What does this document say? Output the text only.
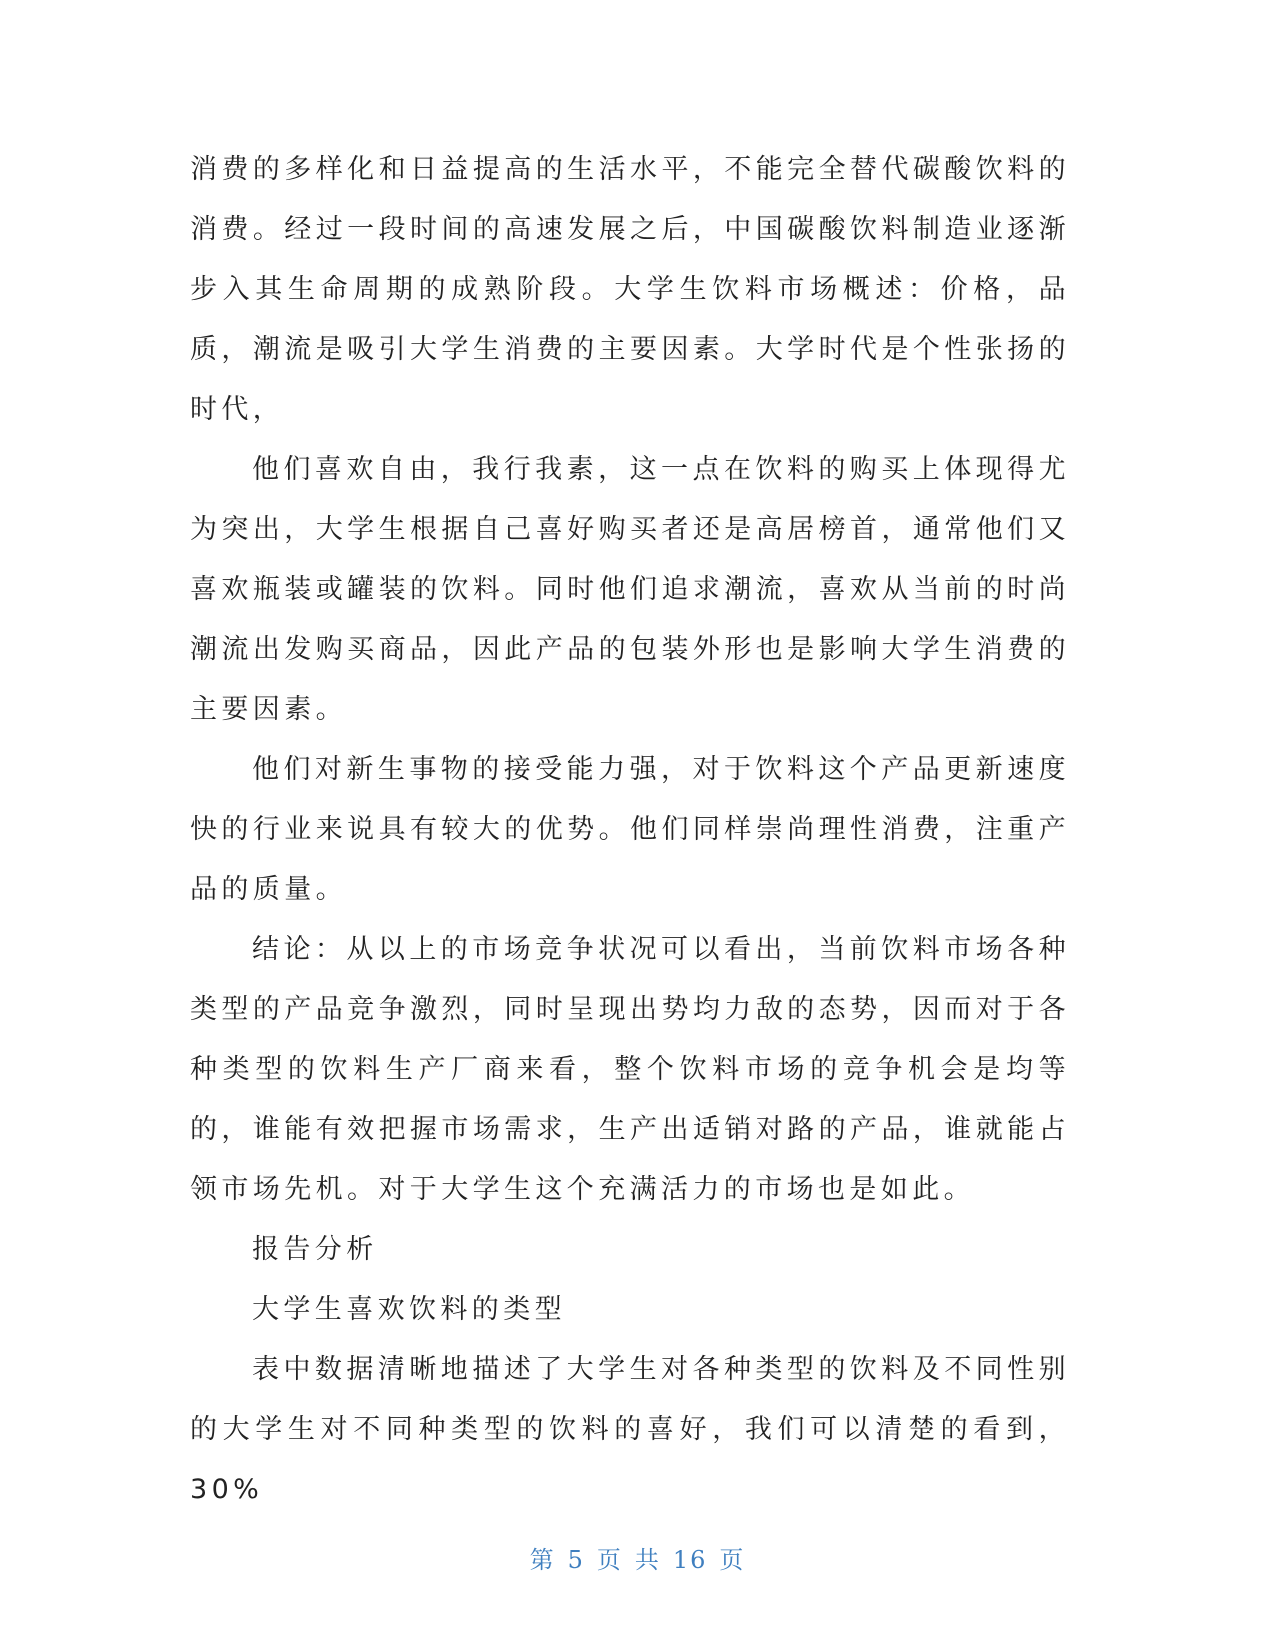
消费的多样化和日益提高的生活水平，不能完全替代碳酸饮料的消费。经过一段时间的高速发展之后，中国碳酸饮料制造业逐渐步入其生命周期的成熟阶段。大学生饮料市场概述：价格，品质，潮流是吸引大学生消费的主要因素。大学时代是个性张扬的时代，

他们喜欢自由，我行我素，这一点在饮料的购买上体现得尤为突出，大学生根据自己喜好购买者还是高居榜首，通常他们又喜欢瓶装或罐装的饮料。同时他们追求潮流，喜欢从当前的时尚潮流出发购买商品，因此产品的包装外形也是影响大学生消费的主要因素。

他们对新生事物的接受能力强，对于饮料这个产品更新速度快的行业来说具有较大的优势。他们同样崇尚理性消费，注重产品的质量。

结论：从以上的市场竞争状况可以看出，当前饮料市场各种类型的产品竞争激烈，同时呈现出势均力敌的态势，因而对于各种类型的饮料生产厂商来看，整个饮料市场的竞争机会是均等的，谁能有效把握市场需求，生产出适销对路的产品，谁就能占领市场先机。对于大学生这个充满活力的市场也是如此。

报告分析

大学生喜欢饮料的类型

表中数据清晰地描述了大学生对各种类型的饮料及不同性别的大学生对不同种类型的饮料的喜好，我们可以清楚的看到，30%

第 5 页 共 16 页
